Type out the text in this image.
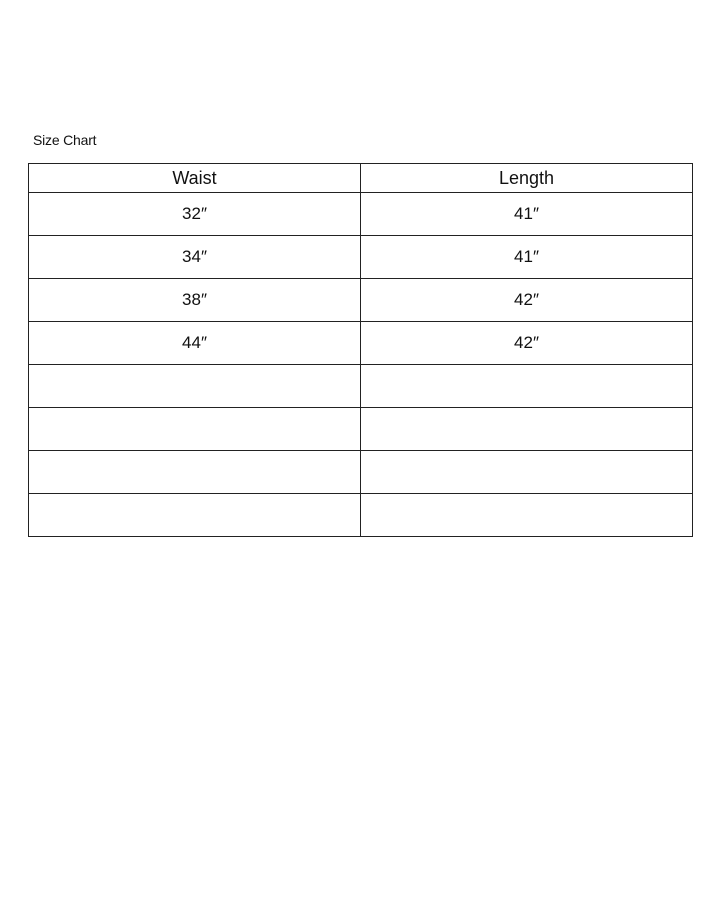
Size Chart
Waist	Length
32″	41″
34″	41″
38″	42″
44″	42″
